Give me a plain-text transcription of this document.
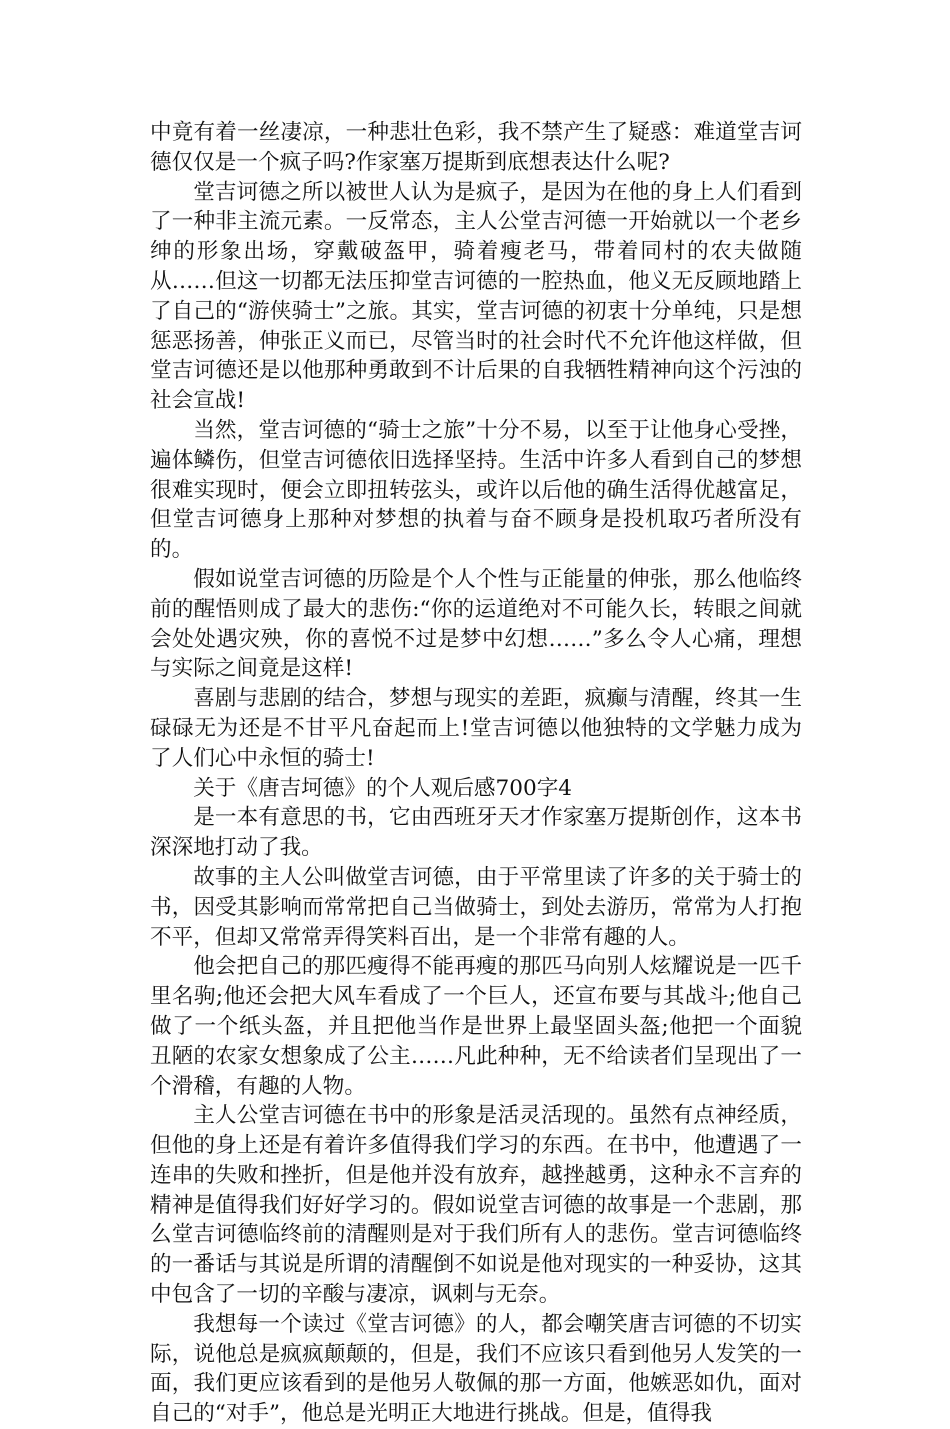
中竟有着一丝凄凉，一种悲壮色彩，我不禁产生了疑惑：难道堂吉诃德仅仅是一个疯子吗?作家塞万提斯到底想表达什么呢?

堂吉诃德之所以被世人认为是疯子，是因为在他的身上人们看到了一种非主流元素。一反常态，主人公堂吉河德一开始就以一个老乡绅的形象出场，穿戴破盔甲，骑着瘦老马，带着同村的农夫做随从……但这一切都无法压抑堂吉诃德的一腔热血，他义无反顾地踏上了自己的“游侠骑士”之旅。其实，堂吉诃德的初衷十分单纯，只是想惩恶扬善，伸张正义而已，尽管当时的社会时代不允许他这样做，但堂吉诃德还是以他那种勇敢到不计后果的自我牺牲精神向这个污浊的社会宣战!

当然，堂吉诃德的“骑士之旅”十分不易，以至于让他身心受挫，遍体鳞伤，但堂吉诃德依旧选择坚持。生活中许多人看到自己的梦想很难实现时，便会立即扭转弦头，或许以后他的确生活得优越富足，但堂吉诃德身上那种对梦想的执着与奋不顾身是投机取巧者所没有的。

假如说堂吉诃德的历险是个人个性与正能量的伸张，那么他临终前的醒悟则成了最大的悲伤:“你的运道绝对不可能久长，转眼之间就会处处遇灾殃，你的喜悦不过是梦中幻想……”多么令人心痛，理想与实际之间竟是这样!

喜剧与悲剧的结合，梦想与现实的差距，疯癫与清醒，终其一生碌碌无为还是不甘平凡奋起而上!堂吉诃德以他独特的文学魅力成为了人们心中永恒的骑士!

关于《唐吉坷德》的个人观后感700字4

是一本有意思的书，它由西班牙天才作家塞万提斯创作，这本书深深地打动了我。

故事的主人公叫做堂吉诃德，由于平常里读了许多的关于骑士的书，因受其影响而常常把自己当做骑士，到处去游历，常常为人打抱不平，但却又常常弄得笑料百出，是一个非常有趣的人。

他会把自己的那匹瘦得不能再瘦的那匹马向别人炫耀说是一匹千里名驹;他还会把大风车看成了一个巨人，还宣布要与其战斗;他自己做了一个纸头盔，并且把他当作是世界上最坚固头盔;他把一个面貌丑陋的农家女想象成了公主……凡此种种，无不给读者们呈现出了一个滑稽，有趣的人物。

主人公堂吉诃德在书中的形象是活灵活现的。虽然有点神经质，但他的身上还是有着许多值得我们学习的东西。在书中，他遭遇了一连串的失败和挫折，但是他并没有放弃，越挫越勇，这种永不言弃的精神是值得我们好好学习的。假如说堂吉诃德的故事是一个悲剧，那么堂吉诃德临终前的清醒则是对于我们所有人的悲伤。堂吉诃德临终的一番话与其说是所谓的清醒倒不如说是他对现实的一种妥协，这其中包含了一切的辛酸与凄凉，讽刺与无奈。

我想每一个读过《堂吉诃德》的人，都会嘲笑唐吉诃德的不切实际，说他总是疯疯颠颠的，但是，我们不应该只看到他另人发笑的一面，我们更应该看到的是他另人敬佩的那一方面，他嫉恶如仇，面对自己的“对手”，他总是光明正大地进行挑战。但是，值得我
